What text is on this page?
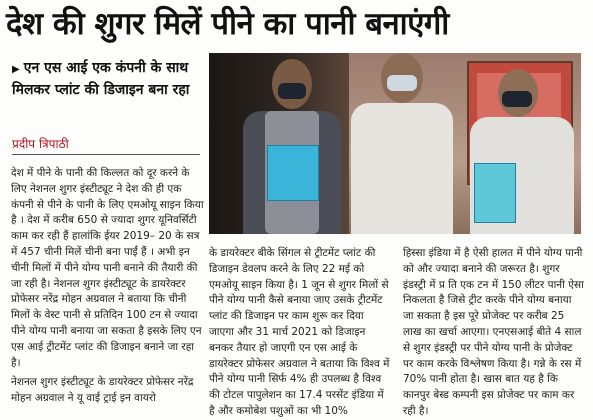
देश की शुगर मिलें पीने का पानी बनाएंगी
▶ एन एस आई एक कंपनी के साथ मिलकर प्लांट की डिजाइन बना रहा
प्रदीप त्रिपाठी

देश में पीने के पानी की किल्लत को दूर करने के लिए नेशनल शुगर इंस्टीट्यूट ने देश की ही एक कंपनी से पीने के पानी के लिए एमओयू साइन किया है । देश में करीब 650 से ज्यादा शुगर यूनिवर्सिटी काम कर रही हैं हालांकि ईयर 2019– 20 के सत्र में 457 चीनी मिलें चीनी बना पाईं हैं । अभी इन चीनी मिलों में पीने योग्य पानी बनाने की तैयारी की जा रही है। नेशनल शुगर इंस्टीट्यूट के डायरेक्टर प्रोफेसर नरेंद्र मोहन अग्रवाल ने बताया कि चीनी मिलों के वेस्ट पानी से प्रतिदिन 100 टन से ज्यादा पीने योग्य पानी बनाया जा सकता है इसके लिए एन एस आई ट्रीटमेंट प्लांट की डिजाइन बनाने जा रहा है।

नेशनल शुगर इंस्टीट्यूट के डायरेक्टर प्रोफेसर नरेंद्र मोहन अग्रवाल ने यू वाई ट्राई इन वायरो

के डायरेक्टर बीके सिंगल से ट्रीटमेंट प्लांट की डिजाइन डेवलप करने के लिए 22 मई को एमओयू साइन किया है। 1 जून से शुगर मिलों से पीने योग्य पानी कैसे बनाया जाए उसके ट्रीटमेंट प्लांट की डिजाइन पर काम शुरू कर दिया जाएगा और 31 मार्च 2021 को डिजाइन बनकर तैयार हो जाएगी एन एस आई के डायरेक्टर प्रोफेसर अग्रवाल ने बताया कि विश्व में पीने योग्य पानी सिर्फ 4% ही उपलब्ध है विश्व की टोटल पापुलेशन का 17.4 परसेंट इंडिया में है और कमोबेश पशुओं का भी 10%

हिस्सा इंडिया में है ऐसी हालत में पीने योग्य पानी को और ज्यादा बनाने की जरूरत है। शुगर इंडस्ट्री में प्र ति एक टन में 150 लीटर पानी ऐसा निकलता है जिसे ट्रीट करके पीने योग्य बनाया जा सकता है इस पूरे प्रोजेक्ट पर करीब 25 लाख का खर्चा आएगा। एनएसआई बीते 4 साल से शुगर इंडस्ट्री पर पीने योग्य पानी के प्रोजेक्ट पर काम करके विश्लेषण किया है। गन्ने के रस में 70% पानी होता है। खास बात यह है कि कानपुर बेस्ड कम्पनी इस प्रोजेक्ट पर काम कर रही है।
